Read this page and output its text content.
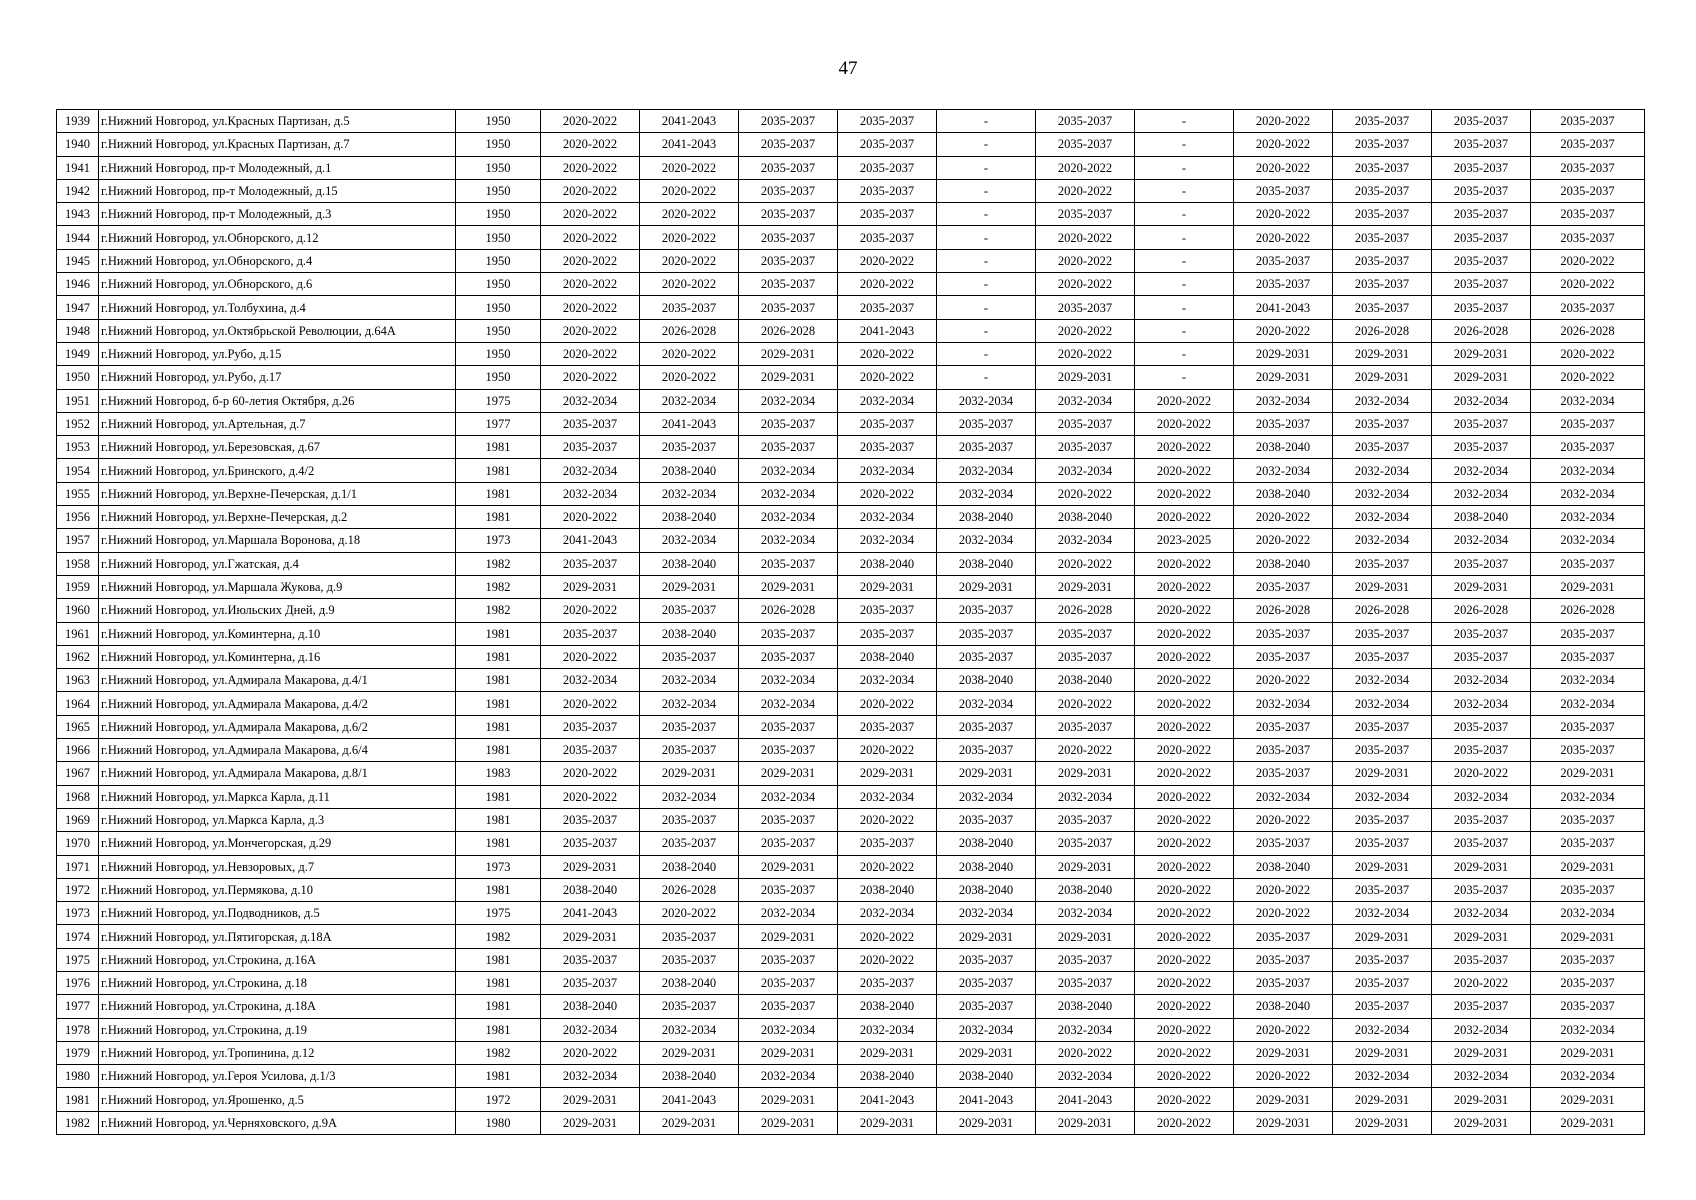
47
1939	г.Нижний Новгород, ул.Красных Партизан, д.5	1950	2020-2022	2041-2043	2035-2037	2035-2037	-	2035-2037	-	2020-2022	2035-2037	2035-2037	2035-2037
1940	г.Нижний Новгород, ул.Красных Партизан, д.7	1950	2020-2022	2041-2043	2035-2037	2035-2037	-	2035-2037	-	2020-2022	2035-2037	2035-2037	2035-2037
1941	г.Нижний Новгород, пр-т Молодежный, д.1	1950	2020-2022	2020-2022	2035-2037	2035-2037	-	2020-2022	-	2020-2022	2035-2037	2035-2037	2035-2037
1942	г.Нижний Новгород, пр-т Молодежный, д.15	1950	2020-2022	2020-2022	2035-2037	2035-2037	-	2020-2022	-	2035-2037	2035-2037	2035-2037	2035-2037
1943	г.Нижний Новгород, пр-т Молодежный, д.3	1950	2020-2022	2020-2022	2035-2037	2035-2037	-	2035-2037	-	2020-2022	2035-2037	2035-2037	2035-2037
1944	г.Нижний Новгород, ул.Обнорского, д.12	1950	2020-2022	2020-2022	2035-2037	2035-2037	-	2020-2022	-	2020-2022	2035-2037	2035-2037	2035-2037
1945	г.Нижний Новгород, ул.Обнорского, д.4	1950	2020-2022	2020-2022	2035-2037	2020-2022	-	2020-2022	-	2035-2037	2035-2037	2035-2037	2020-2022
1946	г.Нижний Новгород, ул.Обнорского, д.6	1950	2020-2022	2020-2022	2035-2037	2020-2022	-	2020-2022	-	2035-2037	2035-2037	2035-2037	2020-2022
1947	г.Нижний Новгород, ул.Толбухина, д.4	1950	2020-2022	2035-2037	2035-2037	2035-2037	-	2035-2037	-	2041-2043	2035-2037	2035-2037	2035-2037
1948	г.Нижний Новгород, ул.Октябрьской Революции, д.64А	1950	2020-2022	2026-2028	2026-2028	2041-2043	-	2020-2022	-	2020-2022	2026-2028	2026-2028	2026-2028
1949	г.Нижний Новгород, ул.Рубо, д.15	1950	2020-2022	2020-2022	2029-2031	2020-2022	-	2020-2022	-	2029-2031	2029-2031	2029-2031	2020-2022
1950	г.Нижний Новгород, ул.Рубо, д.17	1950	2020-2022	2020-2022	2029-2031	2020-2022	-	2029-2031	-	2029-2031	2029-2031	2029-2031	2020-2022
1951	г.Нижний Новгород, б-р 60-летия Октября, д.26	1975	2032-2034	2032-2034	2032-2034	2032-2034	2032-2034	2032-2034	2020-2022	2032-2034	2032-2034	2032-2034	2032-2034
1952	г.Нижний Новгород, ул.Артельная, д.7	1977	2035-2037	2041-2043	2035-2037	2035-2037	2035-2037	2035-2037	2020-2022	2035-2037	2035-2037	2035-2037	2035-2037
1953	г.Нижний Новгород, ул.Березовская, д.67	1981	2035-2037	2035-2037	2035-2037	2035-2037	2035-2037	2035-2037	2020-2022	2038-2040	2035-2037	2035-2037	2035-2037
1954	г.Нижний Новгород, ул.Бринского, д.4/2	1981	2032-2034	2038-2040	2032-2034	2032-2034	2032-2034	2032-2034	2020-2022	2032-2034	2032-2034	2032-2034	2032-2034
1955	г.Нижний Новгород, ул.Верхне-Печерская, д.1/1	1981	2032-2034	2032-2034	2032-2034	2020-2022	2032-2034	2020-2022	2020-2022	2038-2040	2032-2034	2032-2034	2032-2034
1956	г.Нижний Новгород, ул.Верхне-Печерская, д.2	1981	2020-2022	2038-2040	2032-2034	2032-2034	2038-2040	2038-2040	2020-2022	2020-2022	2032-2034	2038-2040	2032-2034
1957	г.Нижний Новгород, ул.Маршала Воронова, д.18	1973	2041-2043	2032-2034	2032-2034	2032-2034	2032-2034	2032-2034	2023-2025	2020-2022	2032-2034	2032-2034	2032-2034
1958	г.Нижний Новгород, ул.Гжатская, д.4	1982	2035-2037	2038-2040	2035-2037	2038-2040	2038-2040	2020-2022	2020-2022	2038-2040	2035-2037	2035-2037	2035-2037
1959	г.Нижний Новгород, ул.Маршала Жукова, д.9	1982	2029-2031	2029-2031	2029-2031	2029-2031	2029-2031	2029-2031	2020-2022	2035-2037	2029-2031	2029-2031	2029-2031
1960	г.Нижний Новгород, ул.Июльских Дней, д.9	1982	2020-2022	2035-2037	2026-2028	2035-2037	2035-2037	2026-2028	2020-2022	2026-2028	2026-2028	2026-2028	2026-2028
1961	г.Нижний Новгород, ул.Коминтерна, д.10	1981	2035-2037	2038-2040	2035-2037	2035-2037	2035-2037	2035-2037	2020-2022	2035-2037	2035-2037	2035-2037	2035-2037
1962	г.Нижний Новгород, ул.Коминтерна, д.16	1981	2020-2022	2035-2037	2035-2037	2038-2040	2035-2037	2035-2037	2020-2022	2035-2037	2035-2037	2035-2037	2035-2037
1963	г.Нижний Новгород, ул.Адмирала Макарова, д.4/1	1981	2032-2034	2032-2034	2032-2034	2032-2034	2038-2040	2038-2040	2020-2022	2020-2022	2032-2034	2032-2034	2032-2034
1964	г.Нижний Новгород, ул.Адмирала Макарова, д.4/2	1981	2020-2022	2032-2034	2032-2034	2020-2022	2032-2034	2020-2022	2020-2022	2032-2034	2032-2034	2032-2034	2032-2034
1965	г.Нижний Новгород, ул.Адмирала Макарова, д.6/2	1981	2035-2037	2035-2037	2035-2037	2035-2037	2035-2037	2035-2037	2020-2022	2035-2037	2035-2037	2035-2037	2035-2037
1966	г.Нижний Новгород, ул.Адмирала Макарова, д.6/4	1981	2035-2037	2035-2037	2035-2037	2020-2022	2035-2037	2020-2022	2020-2022	2035-2037	2035-2037	2035-2037	2035-2037
1967	г.Нижний Новгород, ул.Адмирала Макарова, д.8/1	1983	2020-2022	2029-2031	2029-2031	2029-2031	2029-2031	2029-2031	2020-2022	2035-2037	2029-2031	2020-2022	2029-2031
1968	г.Нижний Новгород, ул.Маркса Карла, д.11	1981	2020-2022	2032-2034	2032-2034	2032-2034	2032-2034	2032-2034	2020-2022	2032-2034	2032-2034	2032-2034	2032-2034
1969	г.Нижний Новгород, ул.Маркса Карла, д.3	1981	2035-2037	2035-2037	2035-2037	2020-2022	2035-2037	2035-2037	2020-2022	2020-2022	2035-2037	2035-2037	2035-2037
1970	г.Нижний Новгород, ул.Мончегорская, д.29	1981	2035-2037	2035-2037	2035-2037	2035-2037	2038-2040	2035-2037	2020-2022	2035-2037	2035-2037	2035-2037	2035-2037
1971	г.Нижний Новгород, ул.Невзоровых, д.7	1973	2029-2031	2038-2040	2029-2031	2020-2022	2038-2040	2029-2031	2020-2022	2038-2040	2029-2031	2029-2031	2029-2031
1972	г.Нижний Новгород, ул.Пермякова, д.10	1981	2038-2040	2026-2028	2035-2037	2038-2040	2038-2040	2038-2040	2020-2022	2020-2022	2035-2037	2035-2037	2035-2037
1973	г.Нижний Новгород, ул.Подводников, д.5	1975	2041-2043	2020-2022	2032-2034	2032-2034	2032-2034	2032-2034	2020-2022	2020-2022	2032-2034	2032-2034	2032-2034
1974	г.Нижний Новгород, ул.Пятигорская, д.18А	1982	2029-2031	2035-2037	2029-2031	2020-2022	2029-2031	2029-2031	2020-2022	2035-2037	2029-2031	2029-2031	2029-2031
1975	г.Нижний Новгород, ул.Строкина, д.16А	1981	2035-2037	2035-2037	2035-2037	2020-2022	2035-2037	2035-2037	2020-2022	2035-2037	2035-2037	2035-2037	2035-2037
1976	г.Нижний Новгород, ул.Строкина, д.18	1981	2035-2037	2038-2040	2035-2037	2035-2037	2035-2037	2035-2037	2020-2022	2035-2037	2035-2037	2020-2022	2035-2037
1977	г.Нижний Новгород, ул.Строкина, д.18А	1981	2038-2040	2035-2037	2035-2037	2038-2040	2035-2037	2038-2040	2020-2022	2038-2040	2035-2037	2035-2037	2035-2037
1978	г.Нижний Новгород, ул.Строкина, д.19	1981	2032-2034	2032-2034	2032-2034	2032-2034	2032-2034	2032-2034	2020-2022	2020-2022	2032-2034	2032-2034	2032-2034
1979	г.Нижний Новгород, ул.Тропинина, д.12	1982	2020-2022	2029-2031	2029-2031	2029-2031	2029-2031	2020-2022	2020-2022	2029-2031	2029-2031	2029-2031	2029-2031
1980	г.Нижний Новгород, ул.Героя Усилова, д.1/3	1981	2032-2034	2038-2040	2032-2034	2038-2040	2038-2040	2032-2034	2020-2022	2020-2022	2032-2034	2032-2034	2032-2034
1981	г.Нижний Новгород, ул.Ярошенко, д.5	1972	2029-2031	2041-2043	2029-2031	2041-2043	2041-2043	2041-2043	2020-2022	2029-2031	2029-2031	2029-2031	2029-2031
1982	г.Нижний Новгород, ул.Черняховского, д.9А	1980	2029-2031	2029-2031	2029-2031	2029-2031	2029-2031	2029-2031	2020-2022	2029-2031	2029-2031	2029-2031	2029-2031
